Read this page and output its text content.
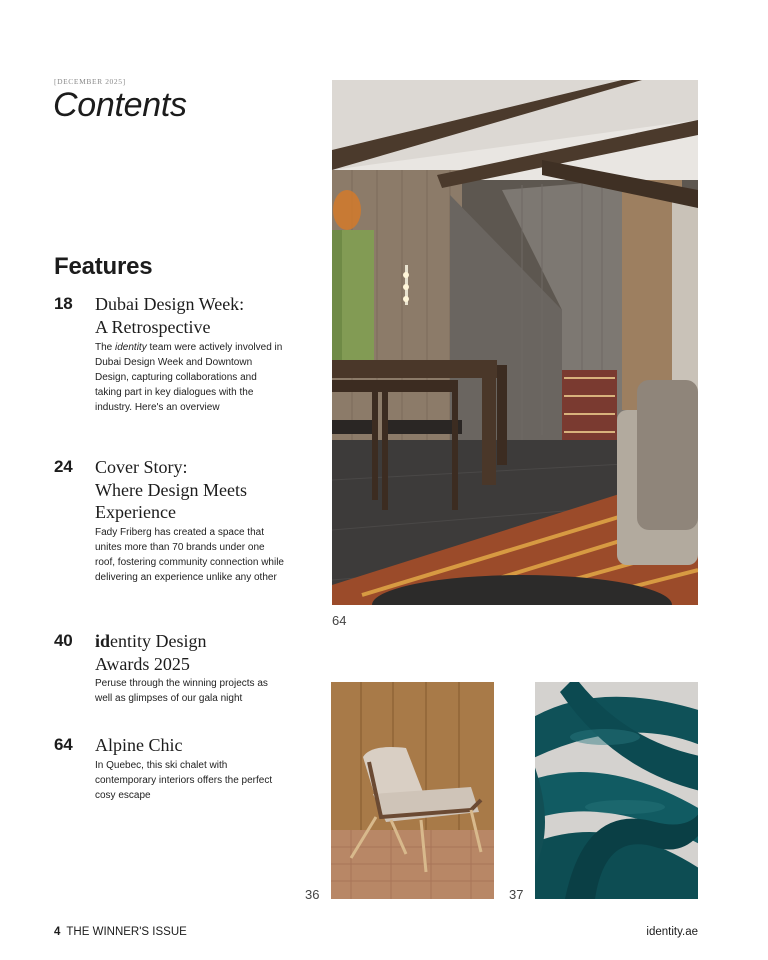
[DECEMBER 2025]
Contents
Features
18 Dubai Design Week:
A Retrospective
The identity team were actively involved in Dubai Design Week and Downtown Design, capturing collaborations and taking part in key dialogues with the industry. Here's an overview
24 Cover Story:
Where Design Meets
Experience
Fady Friberg has created a space that unites more than 70 brands under one roof, fostering community connection while delivering an experience unlike any other
40 identity Design
Awards 2025
Peruse through the winning projects as well as glimpses of our gala night
64 Alpine Chic
In Quebec, this ski chalet with contemporary interiors offers the perfect cosy escape
64
36	37
4 THE WINNER'S ISSUE	identity.ae
